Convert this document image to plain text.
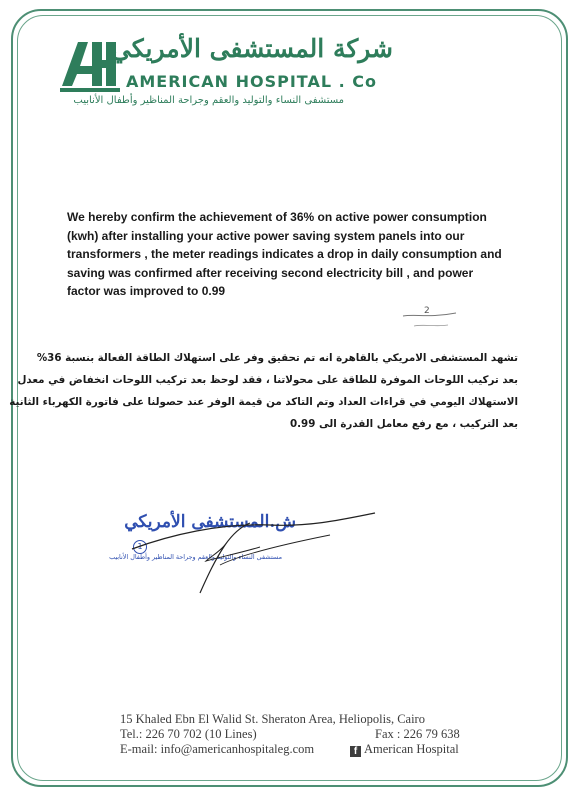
شركة المستشفى الأمريكي
AMERICAN HOSPITAL . Co
مستشفى النساء والتوليد والعقم وجراحة المناظير وأطفال الأنابيب
We hereby confirm the achievement of 36% on active power consumption (kwh) after installing your active power saving system panels into our transformers , the meter readings indicates a drop in daily consumption and saving was confirmed after receiving second electricity bill , and power factor was improved to 0.99
2
تشهد المستشفى الامريكي بالقاهرة انه تم تحقيق وفر على استهلاك الطاقة الفعالة بنسبة 36%
بعد تركيب اللوحات الموفرة للطاقة على محولاتنا ، فقد لوحظ بعد تركيب اللوحات انخفاض في معدل
الاستهلاك اليومي في قراءات العداد وتم التاكد من قيمة الوفر عند حصولنا على فاتورة الكهرباء الثانية
بعد التركيب ، مع رفع معامل القدرة الى 0.99
ش.المستشفى الأمريكي
1
مستشفى النساء والتوليد والعقم وجراحة المناظير وأطفال الأنابيب
15 Khaled Ebn El Walid St. Sheraton Area, Heliopolis, Cairo
Tel.: 226 70 702 (10 Lines)	Fax : 226 79 638
E-mail: info@americanhospitaleg.com	f American Hospital
